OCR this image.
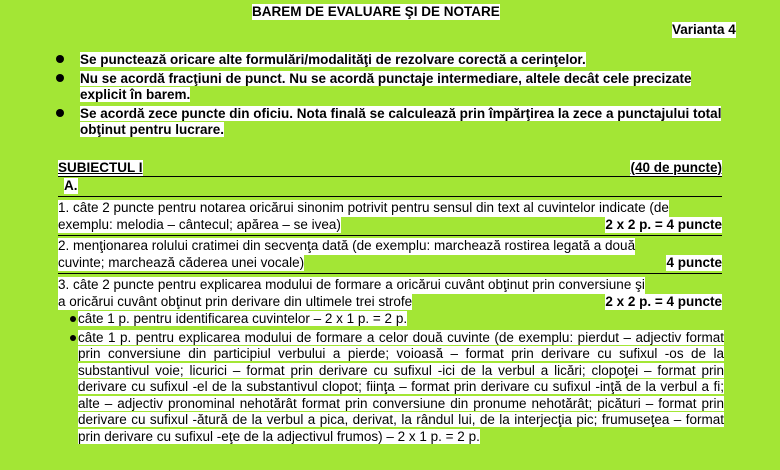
BAREM DE EVALUARE ŞI DE NOTARE
Varianta 4
Se punctează oricare alte formulări/modalităţi de rezolvare corectă a cerinţelor.
Nu se acordă fracţiuni de punct. Nu se acordă punctaje intermediare, altele decât cele precizate explicit în barem.
Se acordă zece puncte din oficiu. Nota finală se calculează prin împărţirea la zece a punctajului total obţinut pentru lucrare.
SUBIECTUL I	(40 de puncte)
A.
1. câte 2 puncte pentru notarea oricărui sinonim potrivit pentru sensul din text al cuvintelor indicate (de
exemplu: melodia – cântecul; apărea – se ivea)	2 x 2 p. = 4 puncte
2. menţionarea rolului cratimei din secvenţa dată (de exemplu: marchează rostirea legată a două
cuvinte; marchează căderea unei vocale)	4 puncte
3. câte 2 puncte pentru explicarea modului de formare a oricărui cuvânt obţinut prin conversiune şi
a oricărui cuvânt obţinut prin derivare din ultimele trei strofe	2 x 2 p. = 4 puncte
câte 1 p. pentru identificarea cuvintelor – 2 x 1 p. = 2 p.
câte 1 p. pentru explicarea modului de formare a celor două cuvinte (de exemplu: pierdut – adjectiv format prin conversiune din participiul verbului a pierde; voioasă – format prin derivare cu sufixul -os de la substantivul voie; licurici – format prin derivare cu sufixul -ici de la verbul a licări; clopoţei – format prin derivare cu sufixul -el de la substantivul clopot; fiinţa – format prin derivare cu sufixul -inţă de la verbul a fi; alte – adjectiv pronominal nehotărât format prin conversiune din pronume nehotărât; picături – format prin derivare cu sufixul -ătură de la verbul a pica, derivat, la rândul lui, de la interjecţia pic; frumuseţea – format prin derivare cu sufixul -eţe de la adjectivul frumos) – 2 x 1 p. = 2 p.
